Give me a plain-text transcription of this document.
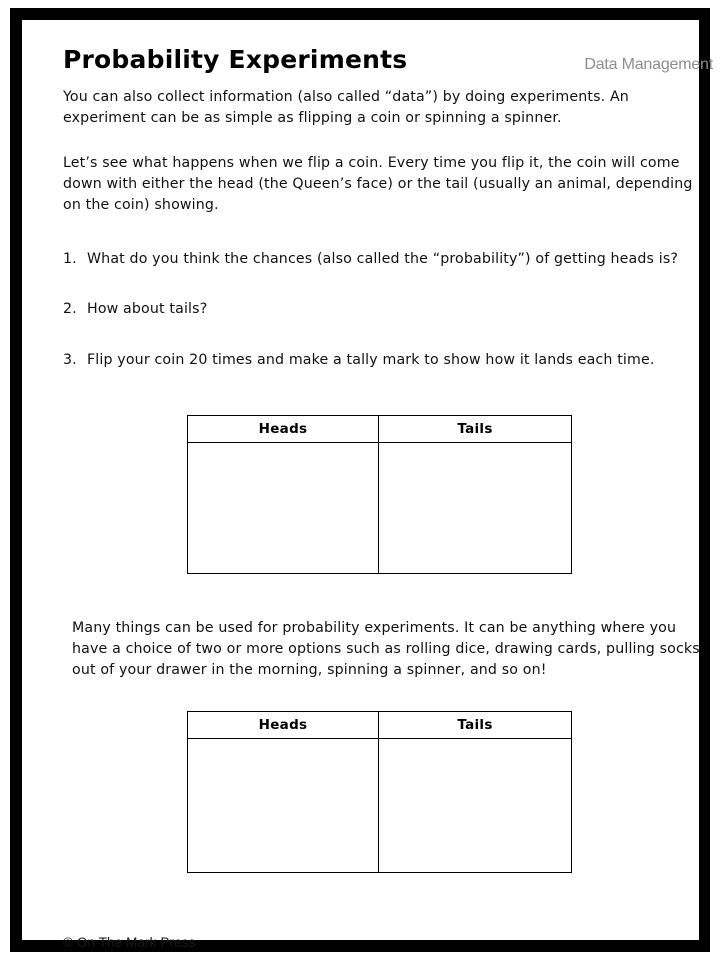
Probability Experiments	Data Management
You can also collect information (also called “data”) by doing experiments. An experiment can be as simple as flipping a coin or spinning a spinner.
Let’s see what happens when we flip a coin. Every time you flip it, the coin will come down with either the head (the Queen’s face) or the tail (usually an animal, depending on the coin) showing.
1. What do you think the chances (also called the “probability”) of getting heads is?
2. How about tails?
3. Flip your coin 20 times and make a tally mark to show how it lands each time.
Heads	Tails

Many things can be used for probability experiments. It can be anything where you have a choice of two or more options such as rolling dice, drawing cards, pulling socks out of your drawer in the morning, spinning a spinner, and so on!
Heads	Tails

© On The Mark Press
